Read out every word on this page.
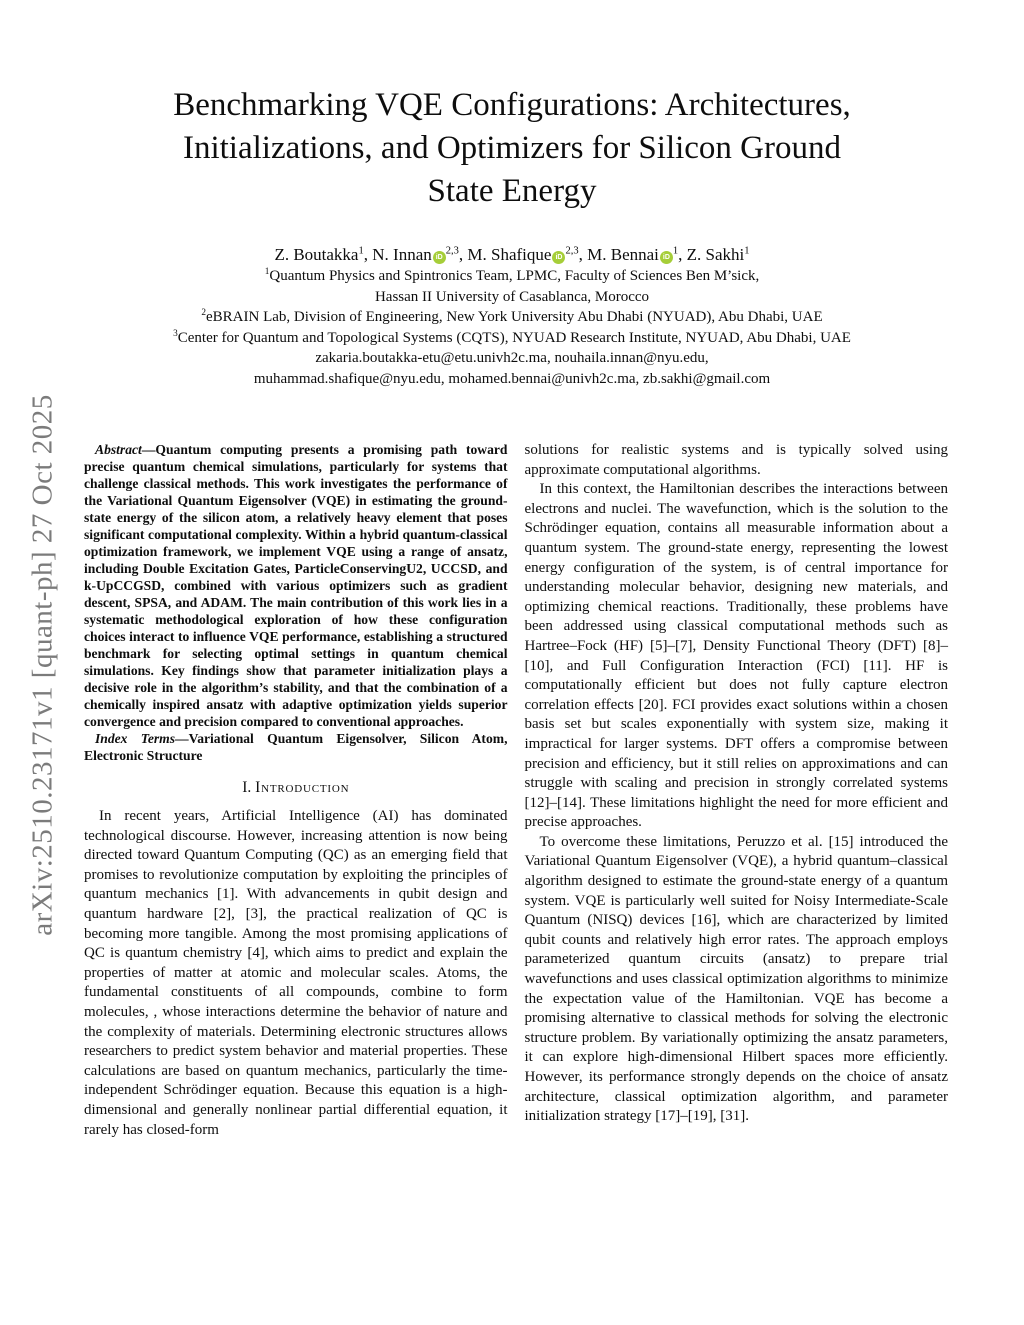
arXiv:2510.23171v1 [quant-ph] 27 Oct 2025
Benchmarking VQE Configurations: Architectures,
Initializations, and Optimizers for Silicon Ground
State Energy
Z. Boutakka$^1$, N. Innan iD$^{2,3}$, M. Shafique iD$^{2,3}$, M. Bennai $iD^1$, Z. Sakhi$^1$
$^1$Quantum Physics and Spintronics Team, LPMC, Faculty of Sciences Ben M’sick,
Hassan II University of Casablanca, Morocco
$^2$eBRAIN Lab, Division of Engineering, New York University Abu Dhabi (NYUAD), Abu Dhabi, UAE
$^3$Center for Quantum and Topological Systems (CQTS), NYUAD Research Institute, NYUAD, Abu Dhabi, UAE
zakaria.boutakka-etu@etu.univh2c.ma, nouhaila.innan@nyu.edu,
muhammad.shafique@nyu.edu, mohamed.bennai@univh2c.ma, zb.sakhi@gmail.com

Abstract—Quantum computing presents a promising path toward precise quantum chemical simulations, particularly for systems that challenge classical methods. This work investigates the performance of the Variational Quantum Eigensolver (VQE) in estimating the ground-state energy of the silicon atom, a relatively heavy element that poses significant computational complexity. Within a hybrid quantum-classical optimization framework, we implement VQE using a range of ansatz, including Double Excitation Gates, ParticleConservingU2, UCCSD, and k-UpCCGSD, combined with various optimizers such as gradient descent, SPSA, and ADAM. The main contribution of this work lies in a systematic methodological exploration of how these configuration choices interact to influence VQE performance, establishing a structured benchmark for selecting optimal settings in quantum chemical simulations. Key findings show that parameter initialization plays a decisive role in the algorithm’s stability, and that the combination of a chemically inspired ansatz with adaptive optimization yields superior convergence and precision compared to conventional approaches.

Index Terms—Variational Quantum Eigensolver, Silicon Atom, Electronic Structure

I. Introduction

In recent years, Artificial Intelligence (AI) has dominated technological discourse. However, increasing attention is now being directed toward Quantum Computing (QC) as an emerging field that promises to revolutionize computation by exploiting the principles of quantum mechanics [1]. With advancements in qubit design and quantum hardware [2], [3], the practical realization of QC is becoming more tangible. Among the most promising applications of QC is quantum chemistry [4], which aims to predict and explain the properties of matter at atomic and molecular scales. Atoms, the fundamental constituents of all compounds, combine to form molecules, , whose interactions determine the behavior of nature and the complexity of materials. Determining electronic structures allows researchers to predict system behavior and material properties. These calculations are based on quantum mechanics, particularly the time-independent Schrödinger equation. Because this equation is a high-dimensional and generally nonlinear partial differential equation, it rarely has closed-form

solutions for realistic systems and is typically solved using approximate computational algorithms.

In this context, the Hamiltonian describes the interactions between electrons and nuclei. The wavefunction, which is the solution to the Schrödinger equation, contains all measurable information about a quantum system. The ground-state energy, representing the lowest energy configuration of the system, is of central importance for understanding molecular behavior, designing new materials, and optimizing chemical reactions. Traditionally, these problems have been addressed using classical computational methods such as Hartree–Fock (HF) [5]–[7], Density Functional Theory (DFT) [8]–[10], and Full Configuration Interaction (FCI) [11]. HF is computationally efficient but does not fully capture electron correlation effects [20]. FCI provides exact solutions within a chosen basis set but scales exponentially with system size, making it impractical for larger systems. DFT offers a compromise between precision and efficiency, but it still relies on approximations and can struggle with scaling and precision in strongly correlated systems [12]–[14]. These limitations highlight the need for more efficient and precise approaches.

To overcome these limitations, Peruzzo et al. [15] introduced the Variational Quantum Eigensolver (VQE), a hybrid quantum–classical algorithm designed to estimate the ground-state energy of a quantum system. VQE is particularly well suited for Noisy Intermediate-Scale Quantum (NISQ) devices [16], which are characterized by limited qubit counts and relatively high error rates. The approach employs parameterized quantum circuits (ansatz) to prepare trial wavefunctions and uses classical optimization algorithms to minimize the expectation value of the Hamiltonian. VQE has become a promising alternative to classical methods for solving the electronic structure problem. By variationally optimizing the ansatz parameters, it can explore high-dimensional Hilbert spaces more efficiently. However, its performance strongly depends on the choice of ansatz architecture, classical optimization algorithm, and parameter initialization strategy [17]–[19], [31].
